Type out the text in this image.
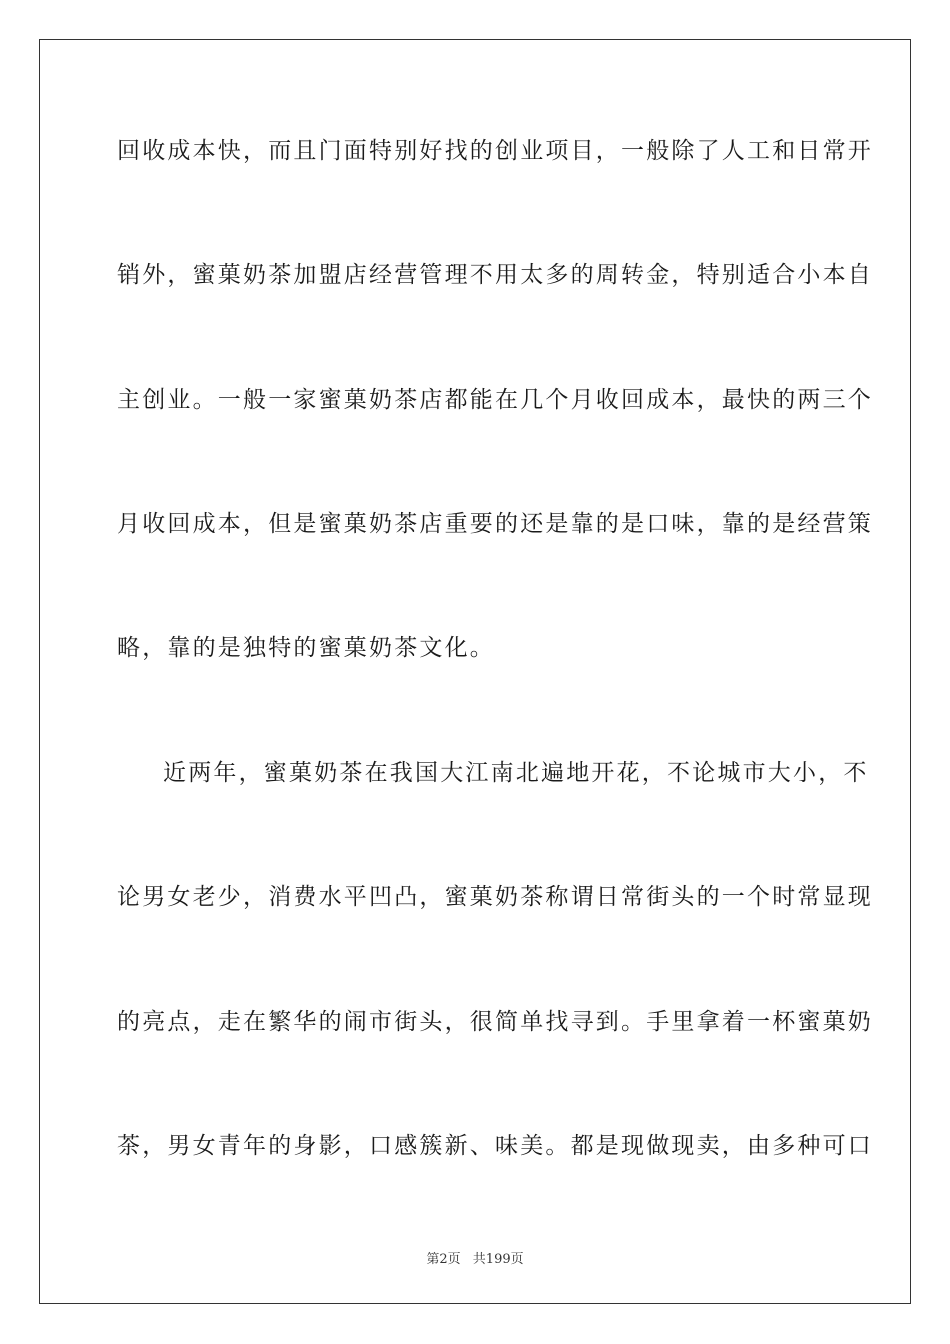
回收成本快，而且门面特别好找的创业项目，一般除了人工和日常开

销外，蜜菓奶茶加盟店经营管理不用太多的周转金，特别适合小本自

主创业。一般一家蜜菓奶茶店都能在几个月收回成本，最快的两三个

月收回成本，但是蜜菓奶茶店重要的还是靠的是口味，靠的是经营策

略，靠的是独特的蜜菓奶茶文化。

近两年，蜜菓奶茶在我国大江南北遍地开花，不论城市大小，不

论男女老少，消费水平凹凸，蜜菓奶茶称谓日常街头的一个时常显现

的亮点，走在繁华的闹市街头，很简单找寻到。手里拿着一杯蜜菓奶

茶，男女青年的身影，口感簇新、味美。都是现做现卖，由多种可口

第2页 共199页
